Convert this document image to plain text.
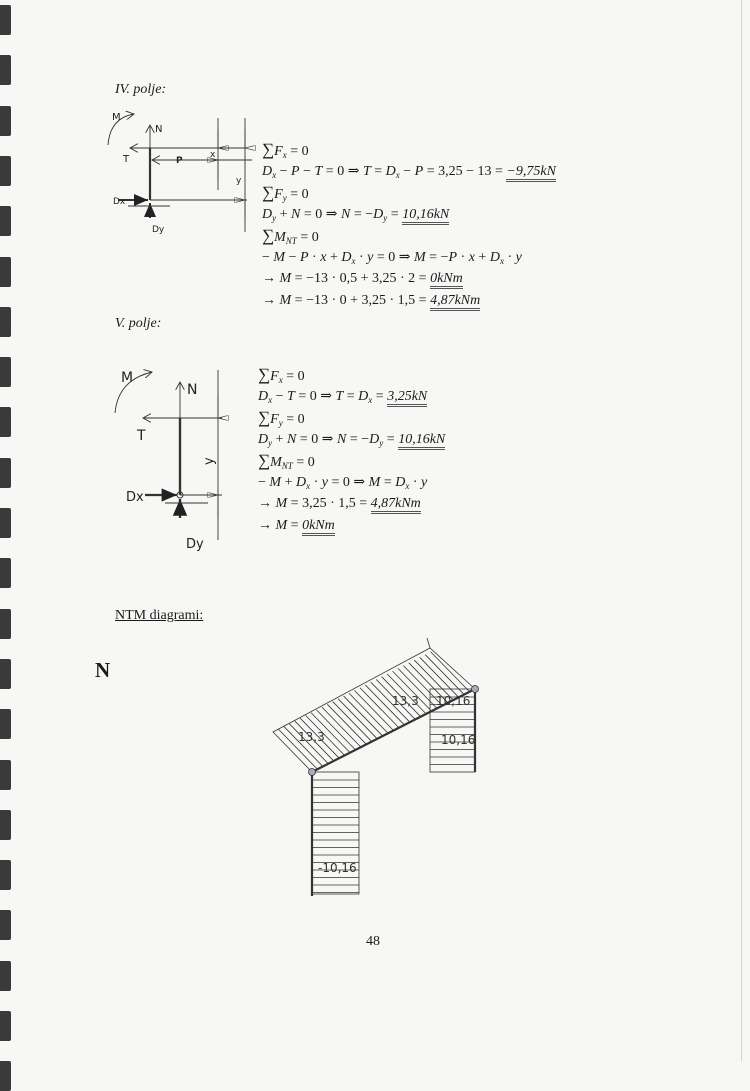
IV. polje:
$\sum F_x = 0$
$D_x - P - T = 0$ ⇒ $T = D_x - P = 3,25 - 13 = -9,75kN$
$\sum F_y = 0$
$D_y + N = 0$ ⇒ $N = -D_y = 10,16kN$
$\sum M_{NT} = 0$
− $M - P \cdot x + D_x \cdot y = 0$ ⇒ $M = -P \cdot x + D_x \cdot y$
→ M = −13 · 0,5 + 3,25 · 2 = 0kNm
→ M = −13 · 0 + 3,25 · 1,5 = 4,87kNm
V. polje:
$\sum F_x = 0$
$D_x - T = 0$ ⇒ $T = D_x = 3,25kN$
$\sum F_y = 0$
$D_y + N = 0$ ⇒ $N = -D_y = 10,16kN$
$\sum M_{NT} = 0$
− $M + D_x \cdot y = 0$ ⇒ $M = D_x \cdot y$
→ M = 3,25 · 1,5 = 4,87kNm
→ M = 0kNm
NTM diagrami:
N
48
M
N
T	P
x
y
Dx
Dy
M
N
T
y
Dx
Dy
13,3
13,3 10,16
10,16
-10,16
